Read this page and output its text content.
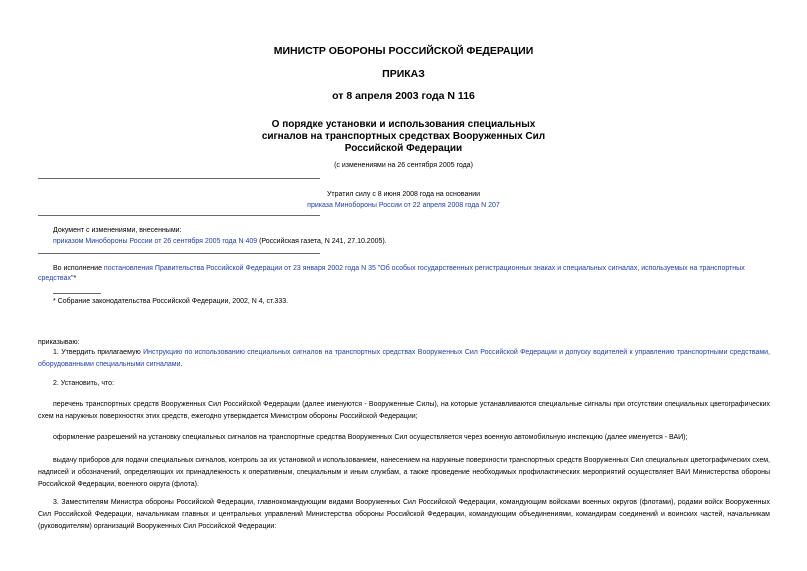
МИНИСТР ОБОРОНЫ РОССИЙСКОЙ ФЕДЕРАЦИИ
ПРИКАЗ
от 8 апреля 2003 года N 116
О порядке установки и использования специальных
сигналов на транспортных средствах Вооруженных Сил
Российской Федерации
(с изменениями на 26 сентября 2005 года)
Утратил силу с 8 июня 2008 года на основании
приказа Минобороны России от 22 апреля 2008 года N 207
Документ с изменениями, внесенными:
приказом Минобороны России от 26 сентября 2005 года N 409 (Российская газета, N 241, 27.10.2005).
Во исполнение постановления Правительства Российской Федерации от 23 января 2002 года N 35 "Об особых государственных регистрационных знаках и специальных сигналах, используемых на транспортных средствах"*
* Собрание законодательства Российской Федерации, 2002, N 4, ст.333.
приказываю:
1. Утвердить прилагаемую Инструкцию по использованию специальных сигналов на транспортных средствах Вооруженных Сил Российской Федерации и допуску водителей к управлению транспортными средствами, оборудованными специальными сигналами.
2. Установить, что:
перечень транспортных средств Вооруженных Сил Российской Федерации (далее именуются - Вооруженные Силы), на которые устанавливаются специальные сигналы при отсутствии специальных цветографических схем на наружных поверхностях этих средств, ежегодно утверждается Министром обороны Российской Федерации;
оформление разрешений на установку специальных сигналов на транспортные средства Вооруженных Сил осуществляется через военную автомобильную инспекцию (далее именуется - ВАИ);
выдачу приборов для подачи специальных сигналов, контроль за их установкой и использованием, нанесением на наружные поверхности транспортных средств Вооруженных Сил специальных цветографических схем, надписей и обозначений, определяющих их принадлежность к оперативным, специальным и иным службам, а также проведение необходимых профилактических мероприятий осуществляет ВАИ Министерства обороны Российской Федерации, военного округа (флота).
3. Заместителям Министра обороны Российской Федерации, главнокомандующим видами Вооруженных Сил Российской Федерации, командующим войсками военных округов (флотами), родами войск Вооруженных Сил Российской Федерации, начальникам главных и центральных управлений Министерства обороны Российской Федерации, командующим объединениями, командирам соединений и воинских частей, начальникам (руководителям) организаций Вооруженных Сил Российской Федерации:
